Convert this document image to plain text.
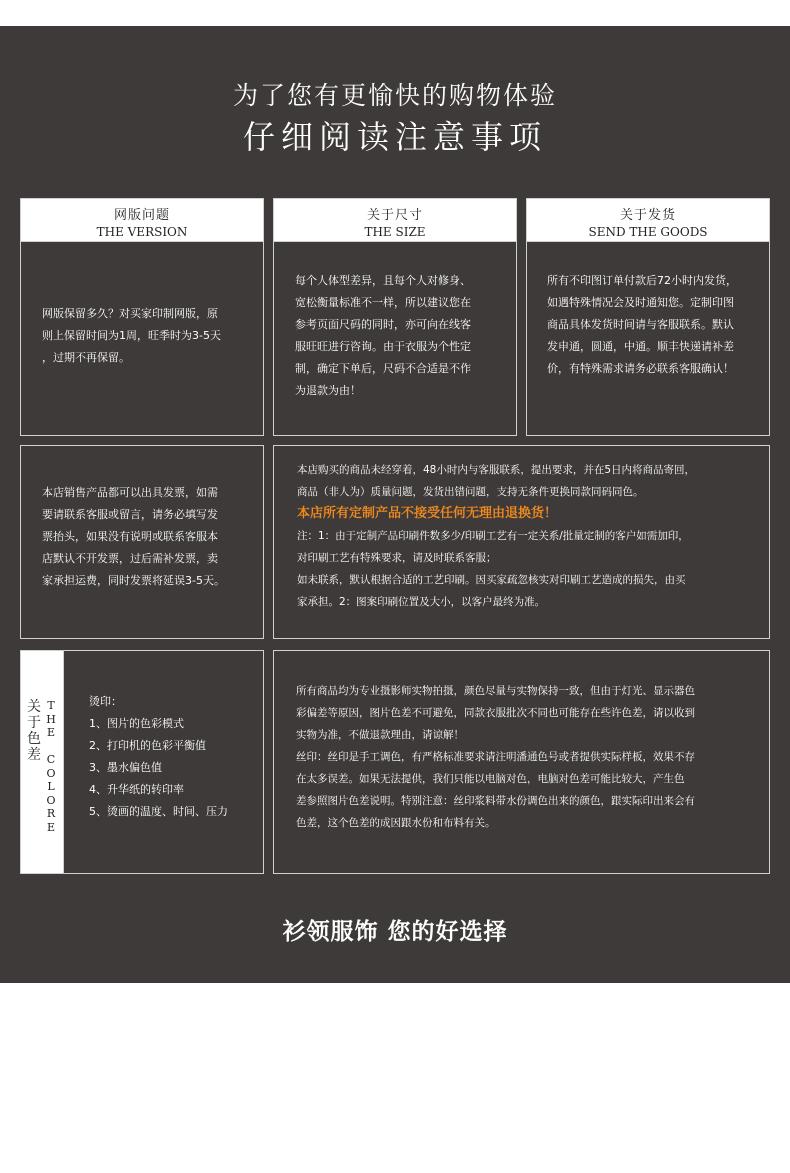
为了您有更愉快的购物体验
仔细阅读注意事项
网版问题
THE VERSION
关于尺寸
THE SIZE
关于发货
SEND THE GOODS

网版保留多久？对买家印制网版，原

则上保留时间为1周，旺季时为3-5天

，过期不再保留。

每个人体型差异，且每个人对修身、

宽松衡量标准不一样，所以建议您在

参考页面尺码的同时，亦可向在线客

服旺旺进行咨询。由于衣服为个性定

制，确定下单后，尺码不合适是不作

为退款为由！

所有不印图订单付款后72小时内发货，

如遇特殊情况会及时通知您。定制印图

商品具体发货时间请与客服联系。默认

发申通，圆通，中通。顺丰快递请补差

价，有特殊需求请务必联系客服确认！

本店销售产品都可以出具发票，如需

要请联系客服或留言，请务必填写发

票抬头，如果没有说明或联系客服本

店默认不开发票，过后需补发票，卖

家承担运费，同时发票将延误3-5天。

本店购买的商品未经穿着，48小时内与客服联系，提出要求，并在5日内将商品寄回，

商品（非人为）质量问题，发货出错问题，支持无条件更换同款同码同色。

本店所有定制产品不接受任何无理由退换货！

注：1：由于定制产品印刷件数多少/印刷工艺有一定关系/批量定制的客户如需加印，

对印刷工艺有特殊要求，请及时联系客服；

如未联系，默认根据合适的工艺印刷。因买家疏忽核实对印刷工艺造成的损失，由买

家承担。2：图案印刷位置及大小，以客户最终为准。

关
于
色
差
T
H
E

C
O
L
O
R
E

烫印：

1、图片的色彩模式

2、打印机的色彩平衡值

3、墨水偏色值

4、升华纸的转印率

5、烫画的温度、时间、压力

所有商品均为专业摄影师实物拍摄，颜色尽量与实物保持一致，但由于灯光、显示器色

彩偏差等原因，图片色差不可避免，同款衣服批次不同也可能存在些许色差，请以收到

实物为准，不做退款理由，请谅解！

丝印：丝印是手工调色，有严格标准要求请注明潘通色号或者提供实际样板，效果不存

在太多误差。如果无法提供，我们只能以电脑对色，电脑对色差可能比较大，产生色

差参照图片色差说明。特别注意：丝印浆料带水份调色出来的颜色，跟实际印出来会有

色差，这个色差的成因跟水份和布料有关。

衫领服饰 您的好选择
